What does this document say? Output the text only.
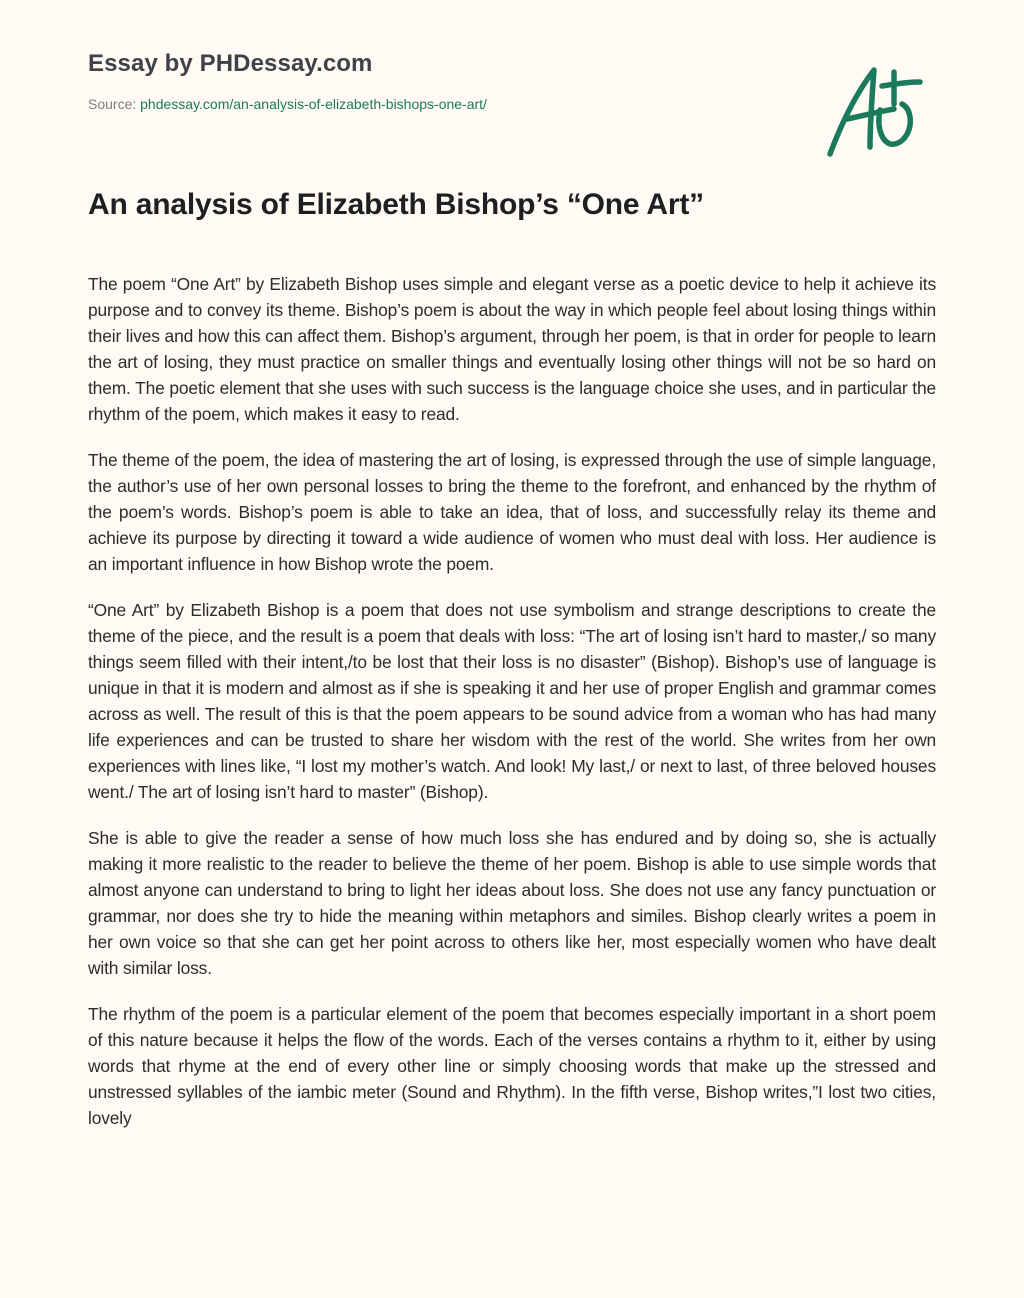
Essay by PHDessay.com
Source: phdessay.com/an-analysis-of-elizabeth-bishops-one-art/
An analysis of Elizabeth Bishop’s “One Art”

The poem “One Art” by Elizabeth Bishop uses simple and elegant verse as a poetic device to help it achieve its purpose and to convey its theme. Bishop’s poem is about the way in which people feel about losing things within their lives and how this can affect them. Bishop’s argument, through her poem, is that in order for people to learn the art of losing, they must practice on smaller things and eventually losing other things will not be so hard on them. The poetic element that she uses with such success is the language choice she uses, and in particular the rhythm of the poem, which makes it easy to read.

The theme of the poem, the idea of mastering the art of losing, is expressed through the use of simple language, the author’s use of her own personal losses to bring the theme to the forefront, and enhanced by the rhythm of the poem’s words. Bishop’s poem is able to take an idea, that of loss, and successfully relay its theme and achieve its purpose by directing it toward a wide audience of women who must deal with loss. Her audience is an important influence in how Bishop wrote the poem.

“One Art” by Elizabeth Bishop is a poem that does not use symbolism and strange descriptions to create the theme of the piece, and the result is a poem that deals with loss: “The art of losing isn’t hard to master,/ so many things seem filled with their intent,/to be lost that their loss is no disaster” (Bishop). Bishop’s use of language is unique in that it is modern and almost as if she is speaking it and her use of proper English and grammar comes across as well. The result of this is that the poem appears to be sound advice from a woman who has had many life experiences and can be trusted to share her wisdom with the rest of the world. She writes from her own experiences with lines like, “I lost my mother’s watch. And look! My last,/ or next to last, of three beloved houses went./ The art of losing isn’t hard to master” (Bishop).

She is able to give the reader a sense of how much loss she has endured and by doing so, she is actually making it more realistic to the reader to believe the theme of her poem. Bishop is able to use simple words that almost anyone can understand to bring to light her ideas about loss. She does not use any fancy punctuation or grammar, nor does she try to hide the meaning within metaphors and similes. Bishop clearly writes a poem in her own voice so that she can get her point across to others like her, most especially women who have dealt with similar loss.

The rhythm of the poem is a particular element of the poem that becomes especially important in a short poem of this nature because it helps the flow of the words. Each of the verses contains a rhythm to it, either by using words that rhyme at the end of every other line or simply choosing words that make up the stressed and unstressed syllables of the iambic meter (Sound and Rhythm). In the fifth verse, Bishop writes,”I lost two cities, lovely
